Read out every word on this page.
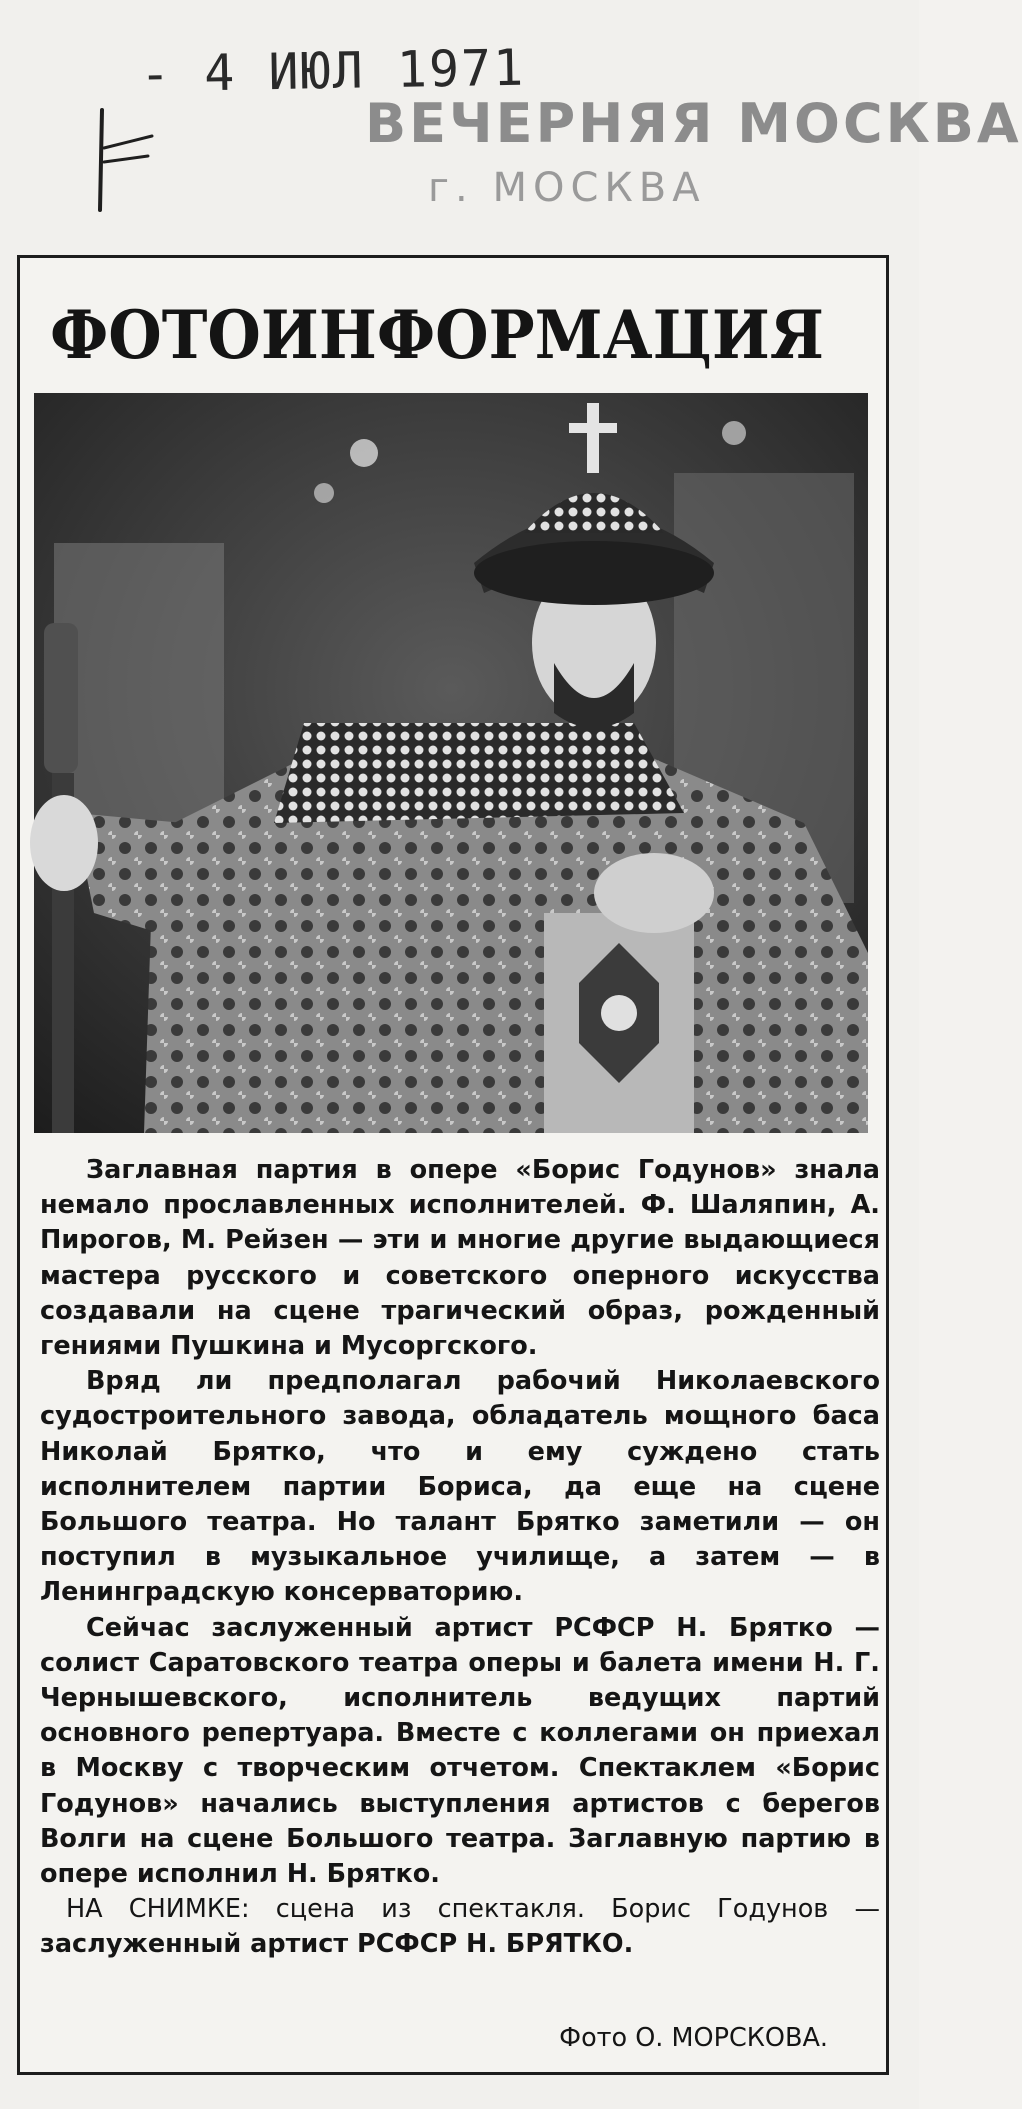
- 4 ИЮЛ 1971
ВЕЧЕРНЯЯ МОСКВА
г. МОСКВА
ФОТОИНФОРМАЦИЯ

Заглавная партия в опере «Борис Годунов» знала немало прославленных исполнителей. Ф. Шаляпин, А. Пирогов, М. Рейзен — эти и многие другие выдающиеся мастера русского и советского оперного искусства создавали на сцене трагический образ, рожденный гениями Пушкина и Мусоргского.

Вряд ли предполагал рабочий Николаевского судостроительного завода, обладатель мощного баса Николай Брятко, что и ему суждено стать исполнителем партии Бориса, да еще на сцене Большого театра. Но талант Брятко заметили — он поступил в музыкальное училище, а затем — в Ленинградскую консерваторию.

Сейчас заслуженный артист РСФСР Н. Брятко — солист Саратовского театра оперы и балета имени Н. Г. Чернышевского, исполнитель ведущих партий основного репертуара. Вместе с коллегами он приехал в Москву с творческим отчетом. Спектаклем «Борис Годунов» начались выступления артистов с берегов Волги на сцене Большого театра. Заглавную партию в опере исполнил Н. Брятко.

НА СНИМКЕ: сцена из спектакля. Борис Годунов — заслуженный артист РСФСР Н. БРЯТКО.

Фото О. МОРСКОВА.
